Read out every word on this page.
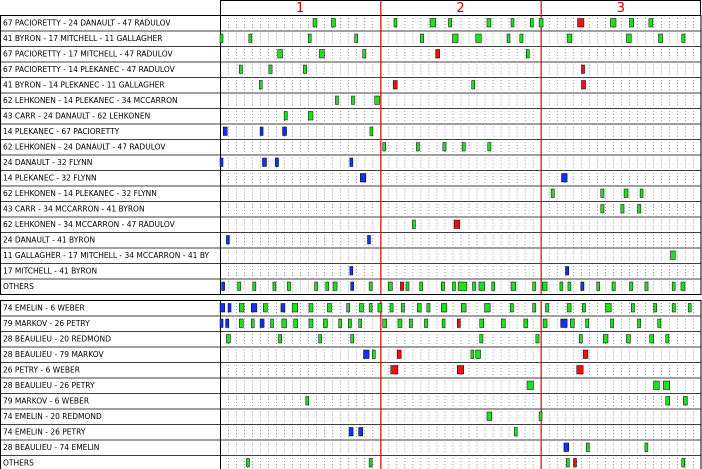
1	2	3
67 PACIORETTY - 24 DANAULT - 47 RADULOV
41 BYRON - 17 MITCHELL - 11 GALLAGHER
67 PACIORETTY - 17 MITCHELL - 47 RADULOV
67 PACIORETTY - 14 PLEKANEC - 47 RADULOV
41 BYRON - 14 PLEKANEC - 11 GALLAGHER
62 LEHKONEN - 14 PLEKANEC - 34 MCCARRON
43 CARR - 24 DANAULT - 62 LEHKONEN
14 PLEKANEC - 67 PACIORETTY
62 LEHKONEN - 24 DANAULT - 47 RADULOV
24 DANAULT - 32 FLYNN
14 PLEKANEC - 32 FLYNN
62 LEHKONEN - 14 PLEKANEC - 32 FLYNN
43 CARR - 34 MCCARRON - 41 BYRON
62 LEHKONEN - 34 MCCARRON - 47 RADULOV
24 DANAULT - 41 BYRON
11 GALLAGHER - 17 MITCHELL - 34 MCCARRON - 41 BY
17 MITCHELL - 41 BYRON
OTHERS
74 EMELIN - 6 WEBER
79 MARKOV - 26 PETRY
28 BEAULIEU - 20 REDMOND
28 BEAULIEU - 79 MARKOV
26 PETRY - 6 WEBER
28 BEAULIEU - 26 PETRY
79 MARKOV - 6 WEBER
74 EMELIN - 20 REDMOND
74 EMELIN - 26 PETRY
28 BEAULIEU - 74 EMELIN
OTHERS
